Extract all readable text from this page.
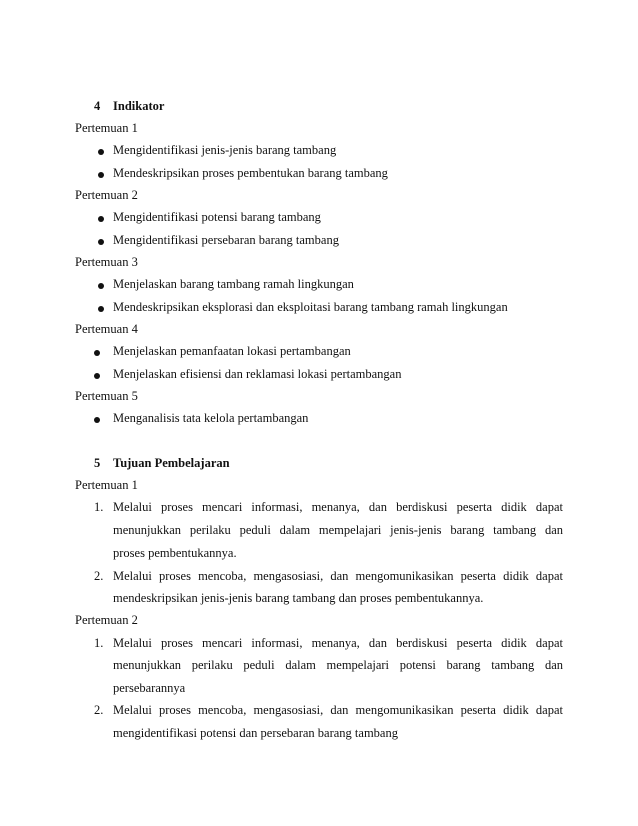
4 Indikator
Pertemuan 1
Mengidentifikasi jenis-jenis barang tambang
Mendeskripsikan proses pembentukan barang tambang
Pertemuan 2
Mengidentifikasi potensi barang tambang
Mengidentifikasi persebaran barang tambang
Pertemuan 3
Menjelaskan barang tambang ramah lingkungan
Mendeskripsikan eksplorasi dan eksploitasi barang tambang ramah lingkungan
Pertemuan 4
Menjelaskan pemanfaatan lokasi pertambangan
Menjelaskan efisiensi dan reklamasi lokasi pertambangan
Pertemuan 5
Menganalisis tata kelola pertambangan
5 Tujuan Pembelajaran
Pertemuan 1
1. Melalui proses mencari informasi, menanya, dan berdiskusi peserta didik dapat
menunjukkan perilaku peduli dalam mempelajari jenis-jenis barang tambang dan
proses pembentukannya.
2. Melalui proses mencoba, mengasosiasi, dan mengomunikasikan peserta didik dapat
mendeskripsikan jenis-jenis barang tambang dan proses pembentukannya.
Pertemuan 2
1. Melalui proses mencari informasi, menanya, dan berdiskusi peserta didik dapat
menunjukkan perilaku peduli dalam mempelajari potensi barang tambang dan
persebarannya
2. Melalui proses mencoba, mengasosiasi, dan mengomunikasikan peserta didik dapat
mengidentifikasi potensi dan persebaran barang tambang
